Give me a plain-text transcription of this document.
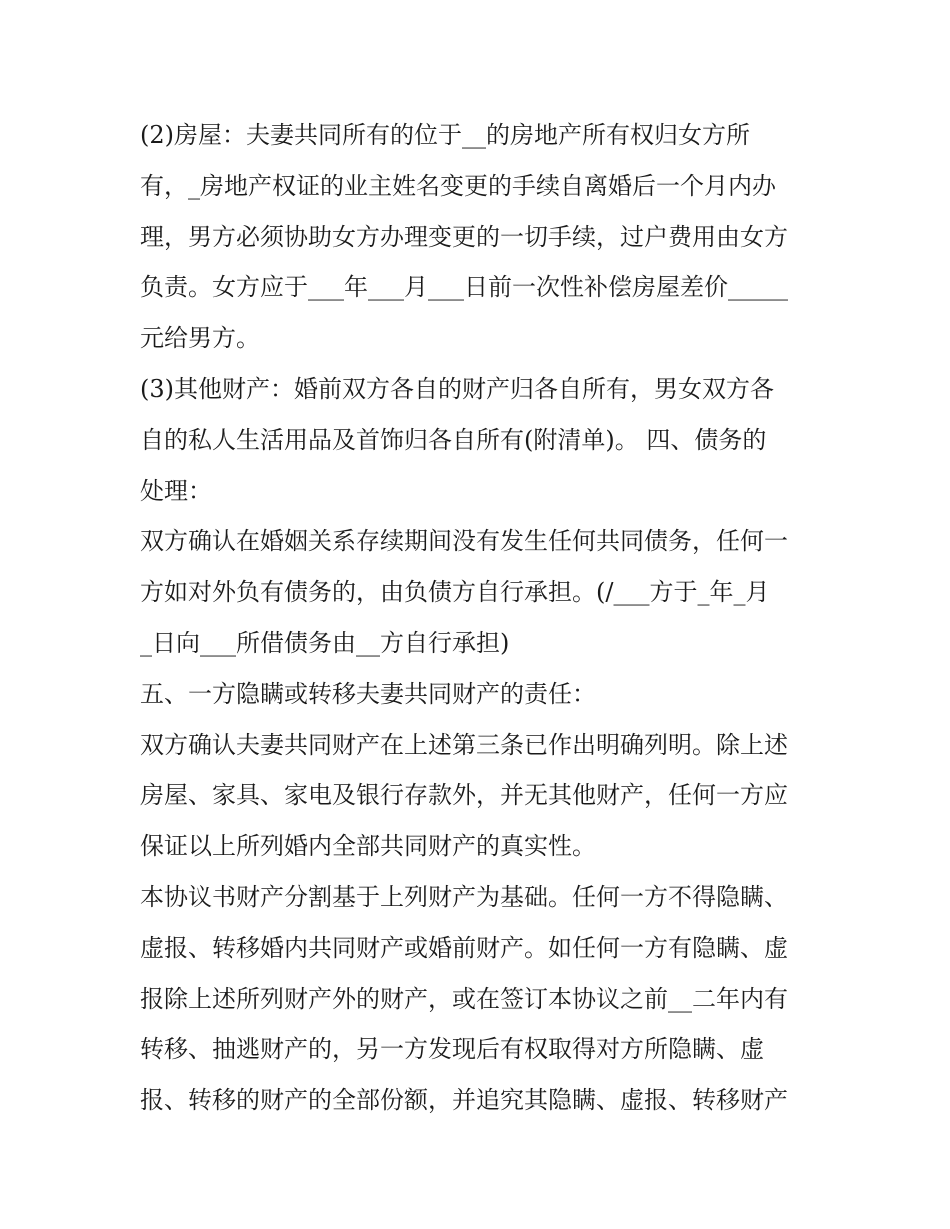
(2)房屋：夫妻共同所有的位于__的房地产所有权归女方所
有，_房地产权证的业主姓名变更的手续自离婚后一个月内办
理，男方必须协助女方办理变更的一切手续，过户费用由女方
负责。女方应于___年___月___日前一次性补偿房屋差价_____
元给男方。
(3)其他财产：婚前双方各自的财产归各自所有，男女双方各
自的私人生活用品及首饰归各自所有(附清单)。 四、债务的
处理：
双方确认在婚姻关系存续期间没有发生任何共同债务，任何一
方如对外负有债务的，由负债方自行承担。(/___方于_年_月
_日向___所借债务由__方自行承担)
五、一方隐瞒或转移夫妻共同财产的责任：
双方确认夫妻共同财产在上述第三条已作出明确列明。除上述
房屋、家具、家电及银行存款外，并无其他财产，任何一方应
保证以上所列婚内全部共同财产的真实性。
本协议书财产分割基于上列财产为基础。任何一方不得隐瞒、
虚报、转移婚内共同财产或婚前财产。如任何一方有隐瞒、虚
报除上述所列财产外的财产，或在签订本协议之前__二年内有
转移、抽逃财产的，另一方发现后有权取得对方所隐瞒、虚
报、转移的财产的全部份额，并追究其隐瞒、虚报、转移财产
